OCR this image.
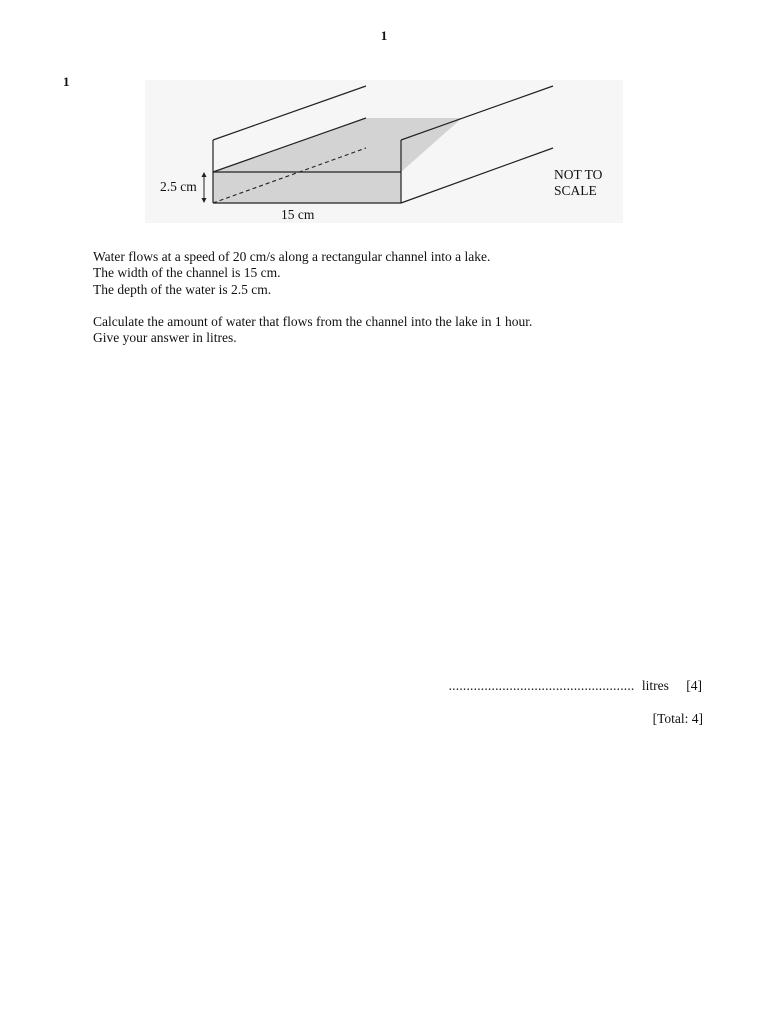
1
1
2.5 cm
15 cm
NOT TO
SCALE

Water flows at a speed of 20 cm/s along a rectangular channel into a lake.

The width of the channel is 15 cm.

The depth of the water is 2.5 cm.

Calculate the amount of water that flows from the channel into the lake in 1 hour.

Give your answer in litres.

.................................................... litres [4]
[Total: 4]
